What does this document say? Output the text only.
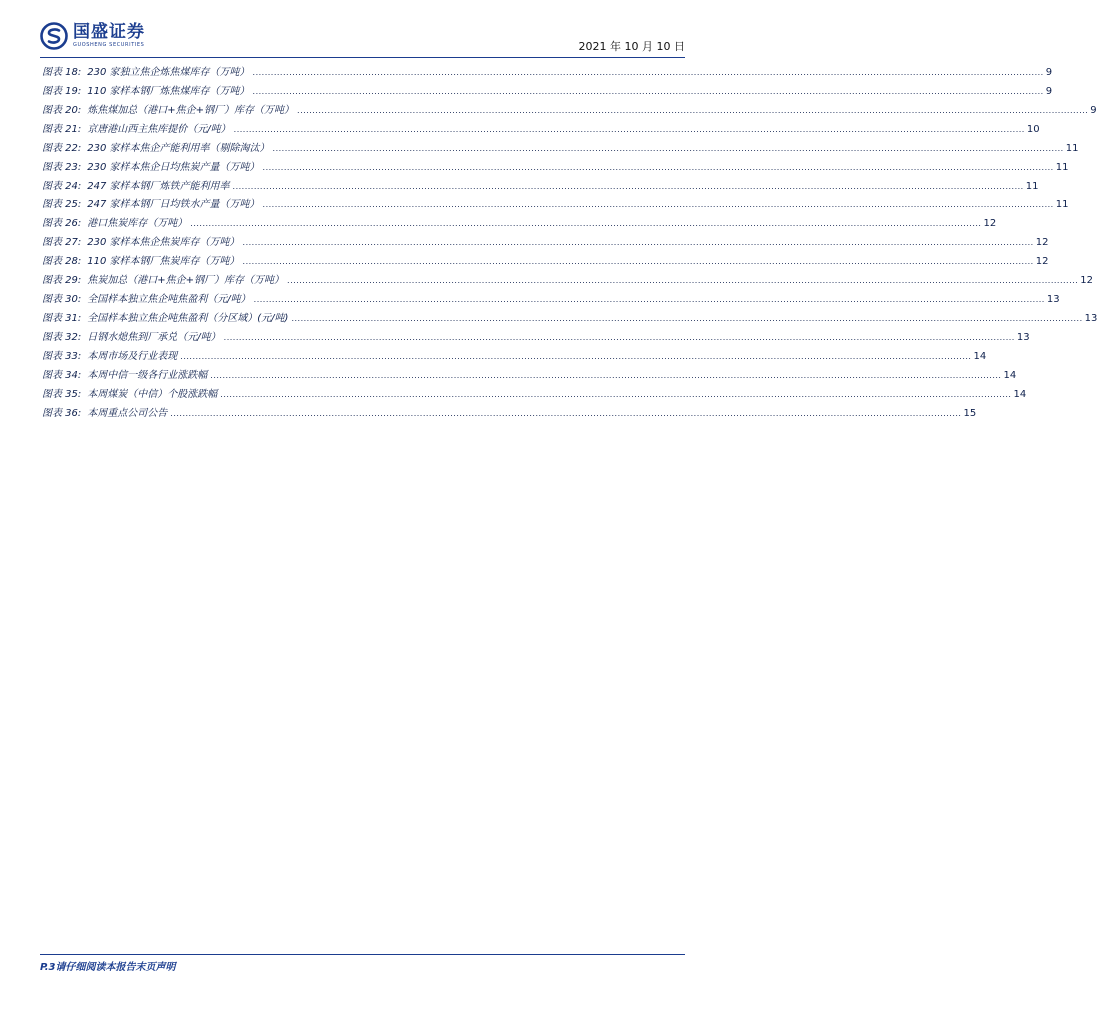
国盛证券
GUOSHENG SECURITIES	2021 年 10 月 10 日
图表 18: 230 家独立焦企炼焦煤库存（万吨） .................................................................................................................................................................................................................................................................... 9
图表 19: 110 家样本钢厂炼焦煤库存（万吨） .................................................................................................................................................................................................................................................................... 9
图表 20: 炼焦煤加总（港口+焦企+钢厂）库存（万吨） .................................................................................................................................................................................................................................................................... 9
图表 21: 京唐港山西主焦库提价（元/吨） .................................................................................................................................................................................................................................................................... 10
图表 22: 230 家样本焦企产能利用率（剔除淘汰） .................................................................................................................................................................................................................................................................... 11
图表 23: 230 家样本焦企日均焦炭产量（万吨） .................................................................................................................................................................................................................................................................... 11
图表 24: 247 家样本钢厂炼铁产能利用率 .................................................................................................................................................................................................................................................................... 11
图表 25: 247 家样本钢厂日均铁水产量（万吨） .................................................................................................................................................................................................................................................................... 11
图表 26: 港口焦炭库存（万吨） .................................................................................................................................................................................................................................................................... 12
图表 27: 230 家样本焦企焦炭库存（万吨） .................................................................................................................................................................................................................................................................... 12
图表 28: 110 家样本钢厂焦炭库存（万吨） .................................................................................................................................................................................................................................................................... 12
图表 29: 焦炭加总（港口+焦企+钢厂）库存（万吨） .................................................................................................................................................................................................................................................................... 12
图表 30: 全国样本独立焦企吨焦盈利（元/吨） .................................................................................................................................................................................................................................................................... 13
图表 31: 全国样本独立焦企吨焦盈利（分区域）(元/吨) .................................................................................................................................................................................................................................................................... 13
图表 32: 日钢水熄焦到厂承兑（元/吨） .................................................................................................................................................................................................................................................................... 13
图表 33: 本周市场及行业表现 .................................................................................................................................................................................................................................................................... 14
图表 34: 本周中信一级各行业涨跌幅 .................................................................................................................................................................................................................................................................... 14
图表 35: 本周煤炭（中信）个股涨跌幅 .................................................................................................................................................................................................................................................................... 14
图表 36: 本周重点公司公告 .................................................................................................................................................................................................................................................................... 15
P.3请仔细阅读本报告末页声明
